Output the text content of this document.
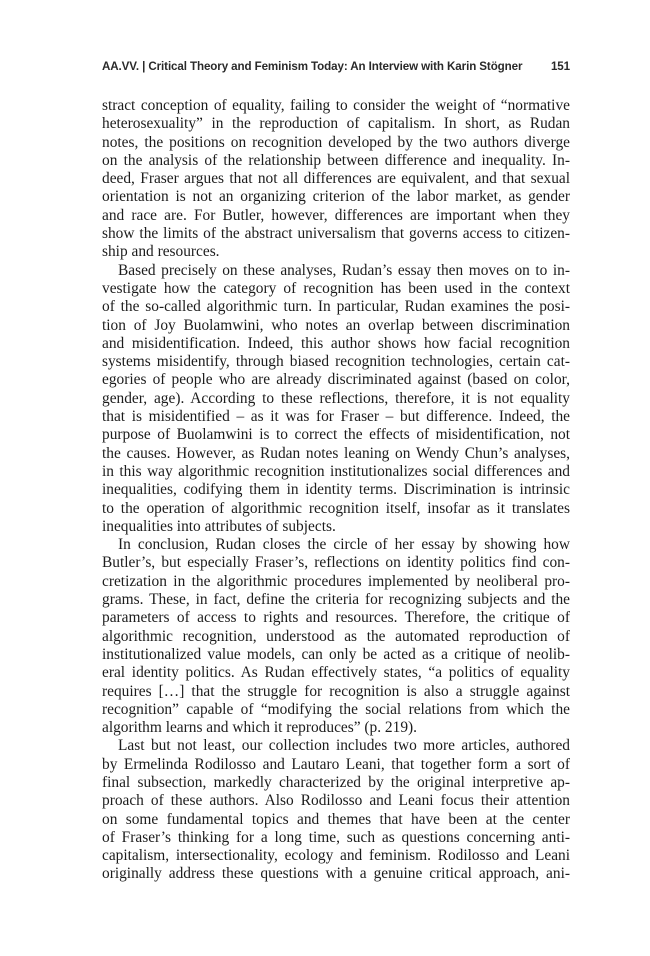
AA.VV. | Critical Theory and Feminism Today: An Interview with Karin Stögner 151
stract conception of equality, failing to consider the weight of “normative
heterosexuality” in the reproduction of capitalism. In short, as Rudan
notes, the positions on recognition developed by the two authors diverge
on the analysis of the relationship between difference and inequality. In-
deed, Fraser argues that not all differences are equivalent, and that sexual
orientation is not an organizing criterion of the labor market, as gender
and race are. For Butler, however, differences are important when they
show the limits of the abstract universalism that governs access to citizen-
ship and resources.
Based precisely on these analyses, Rudan’s essay then moves on to in-
vestigate how the category of recognition has been used in the context
of the so-called algorithmic turn. In particular, Rudan examines the posi-
tion of Joy Buolamwini, who notes an overlap between discrimination
and misidentification. Indeed, this author shows how facial recognition
systems misidentify, through biased recognition technologies, certain cat-
egories of people who are already discriminated against (based on color,
gender, age). According to these reflections, therefore, it is not equality
that is misidentified – as it was for Fraser – but difference. Indeed, the
purpose of Buolamwini is to correct the effects of misidentification, not
the causes. However, as Rudan notes leaning on Wendy Chun’s analyses,
in this way algorithmic recognition institutionalizes social differences and
inequalities, codifying them in identity terms. Discrimination is intrinsic
to the operation of algorithmic recognition itself, insofar as it translates
inequalities into attributes of subjects.
In conclusion, Rudan closes the circle of her essay by showing how
Butler’s, but especially Fraser’s, reflections on identity politics find con-
cretization in the algorithmic procedures implemented by neoliberal pro-
grams. These, in fact, define the criteria for recognizing subjects and the
parameters of access to rights and resources. Therefore, the critique of
algorithmic recognition, understood as the automated reproduction of
institutionalized value models, can only be acted as a critique of neolib-
eral identity politics. As Rudan effectively states, “a politics of equality
requires […] that the struggle for recognition is also a struggle against
recognition” capable of “modifying the social relations from which the
algorithm learns and which it reproduces” (p. 219).
Last but not least, our collection includes two more articles, authored
by Ermelinda Rodilosso and Lautaro Leani, that together form a sort of
final subsection, markedly characterized by the original interpretive ap-
proach of these authors. Also Rodilosso and Leani focus their attention
on some fundamental topics and themes that have been at the center
of Fraser’s thinking for a long time, such as questions concerning anti-
capitalism, intersectionality, ecology and feminism. Rodilosso and Leani
originally address these questions with a genuine critical approach, ani-
